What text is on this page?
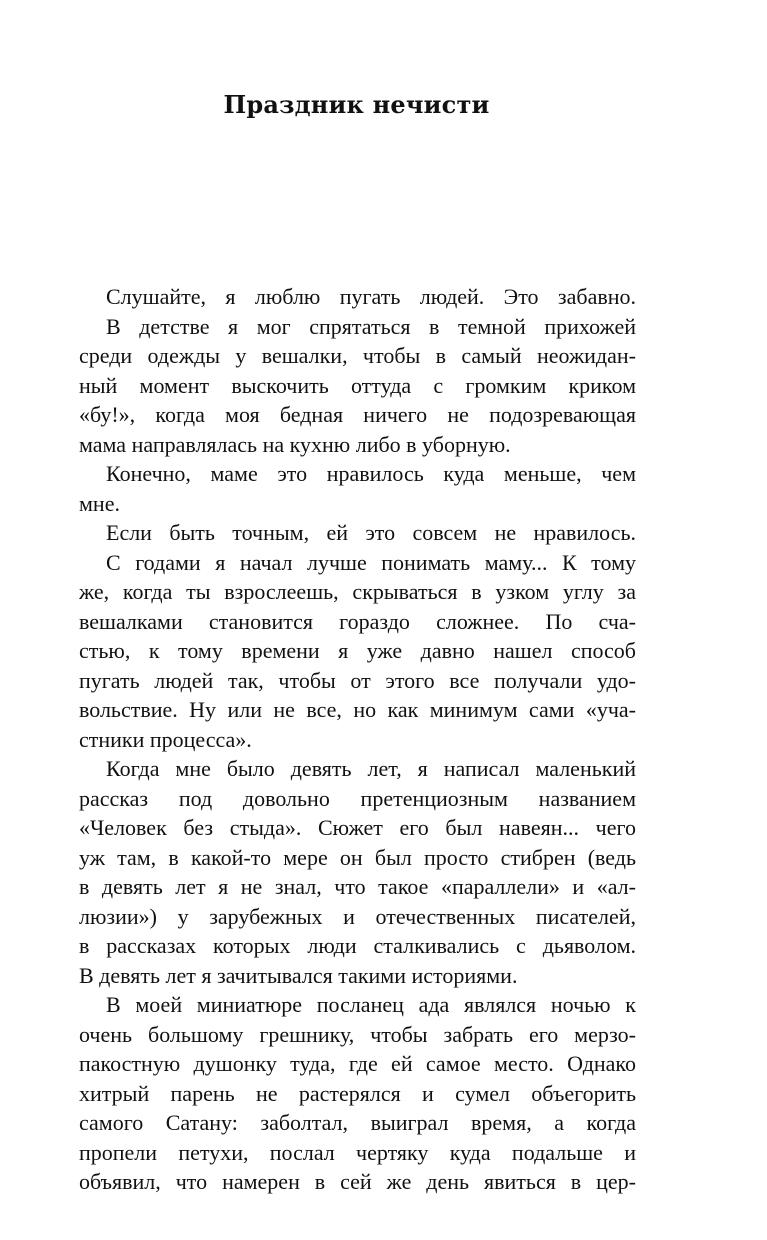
Праздник нечисти
Слушайте, я люблю пугать людей. Это забавно.
В детстве я мог спрятаться в темной прихожей
среди одежды у вешалки, чтобы в самый неожидан-
ный момент выскочить оттуда с громким криком
«бу!», когда моя бедная ничего не подозревающая
мама направлялась на кухню либо в уборную.
Конечно, маме это нравилось куда меньше, чем
мне.
Если быть точным, ей это совсем не нравилось.
С годами я начал лучше понимать маму... К тому
же, когда ты взрослеешь, скрываться в узком углу за
вешалками становится гораздо сложнее. По сча-
стью, к тому времени я уже давно нашел способ
пугать людей так, чтобы от этого все получали удо-
вольствие. Ну или не все, но как минимум сами «уча-
стники процесса».
Когда мне было девять лет, я написал маленький
рассказ под довольно претенциозным названием
«Человек без стыда». Сюжет его был навеян... чего
уж там, в какой-то мере он был просто стибрен (ведь
в девять лет я не знал, что такое «параллели» и «ал-
люзии») у зарубежных и отечественных писателей,
в рассказах которых люди сталкивались с дьяволом.
В девять лет я зачитывался такими историями.
В моей миниатюре посланец ада являлся ночью к
очень большому грешнику, чтобы забрать его мерзо-
пакостную душонку туда, где ей самое место. Однако
хитрый парень не растерялся и сумел объегорить
самого Сатану: заболтал, выиграл время, а когда
пропели петухи, послал чертяку куда подальше и
объявил, что намерен в сей же день явиться в цер-
